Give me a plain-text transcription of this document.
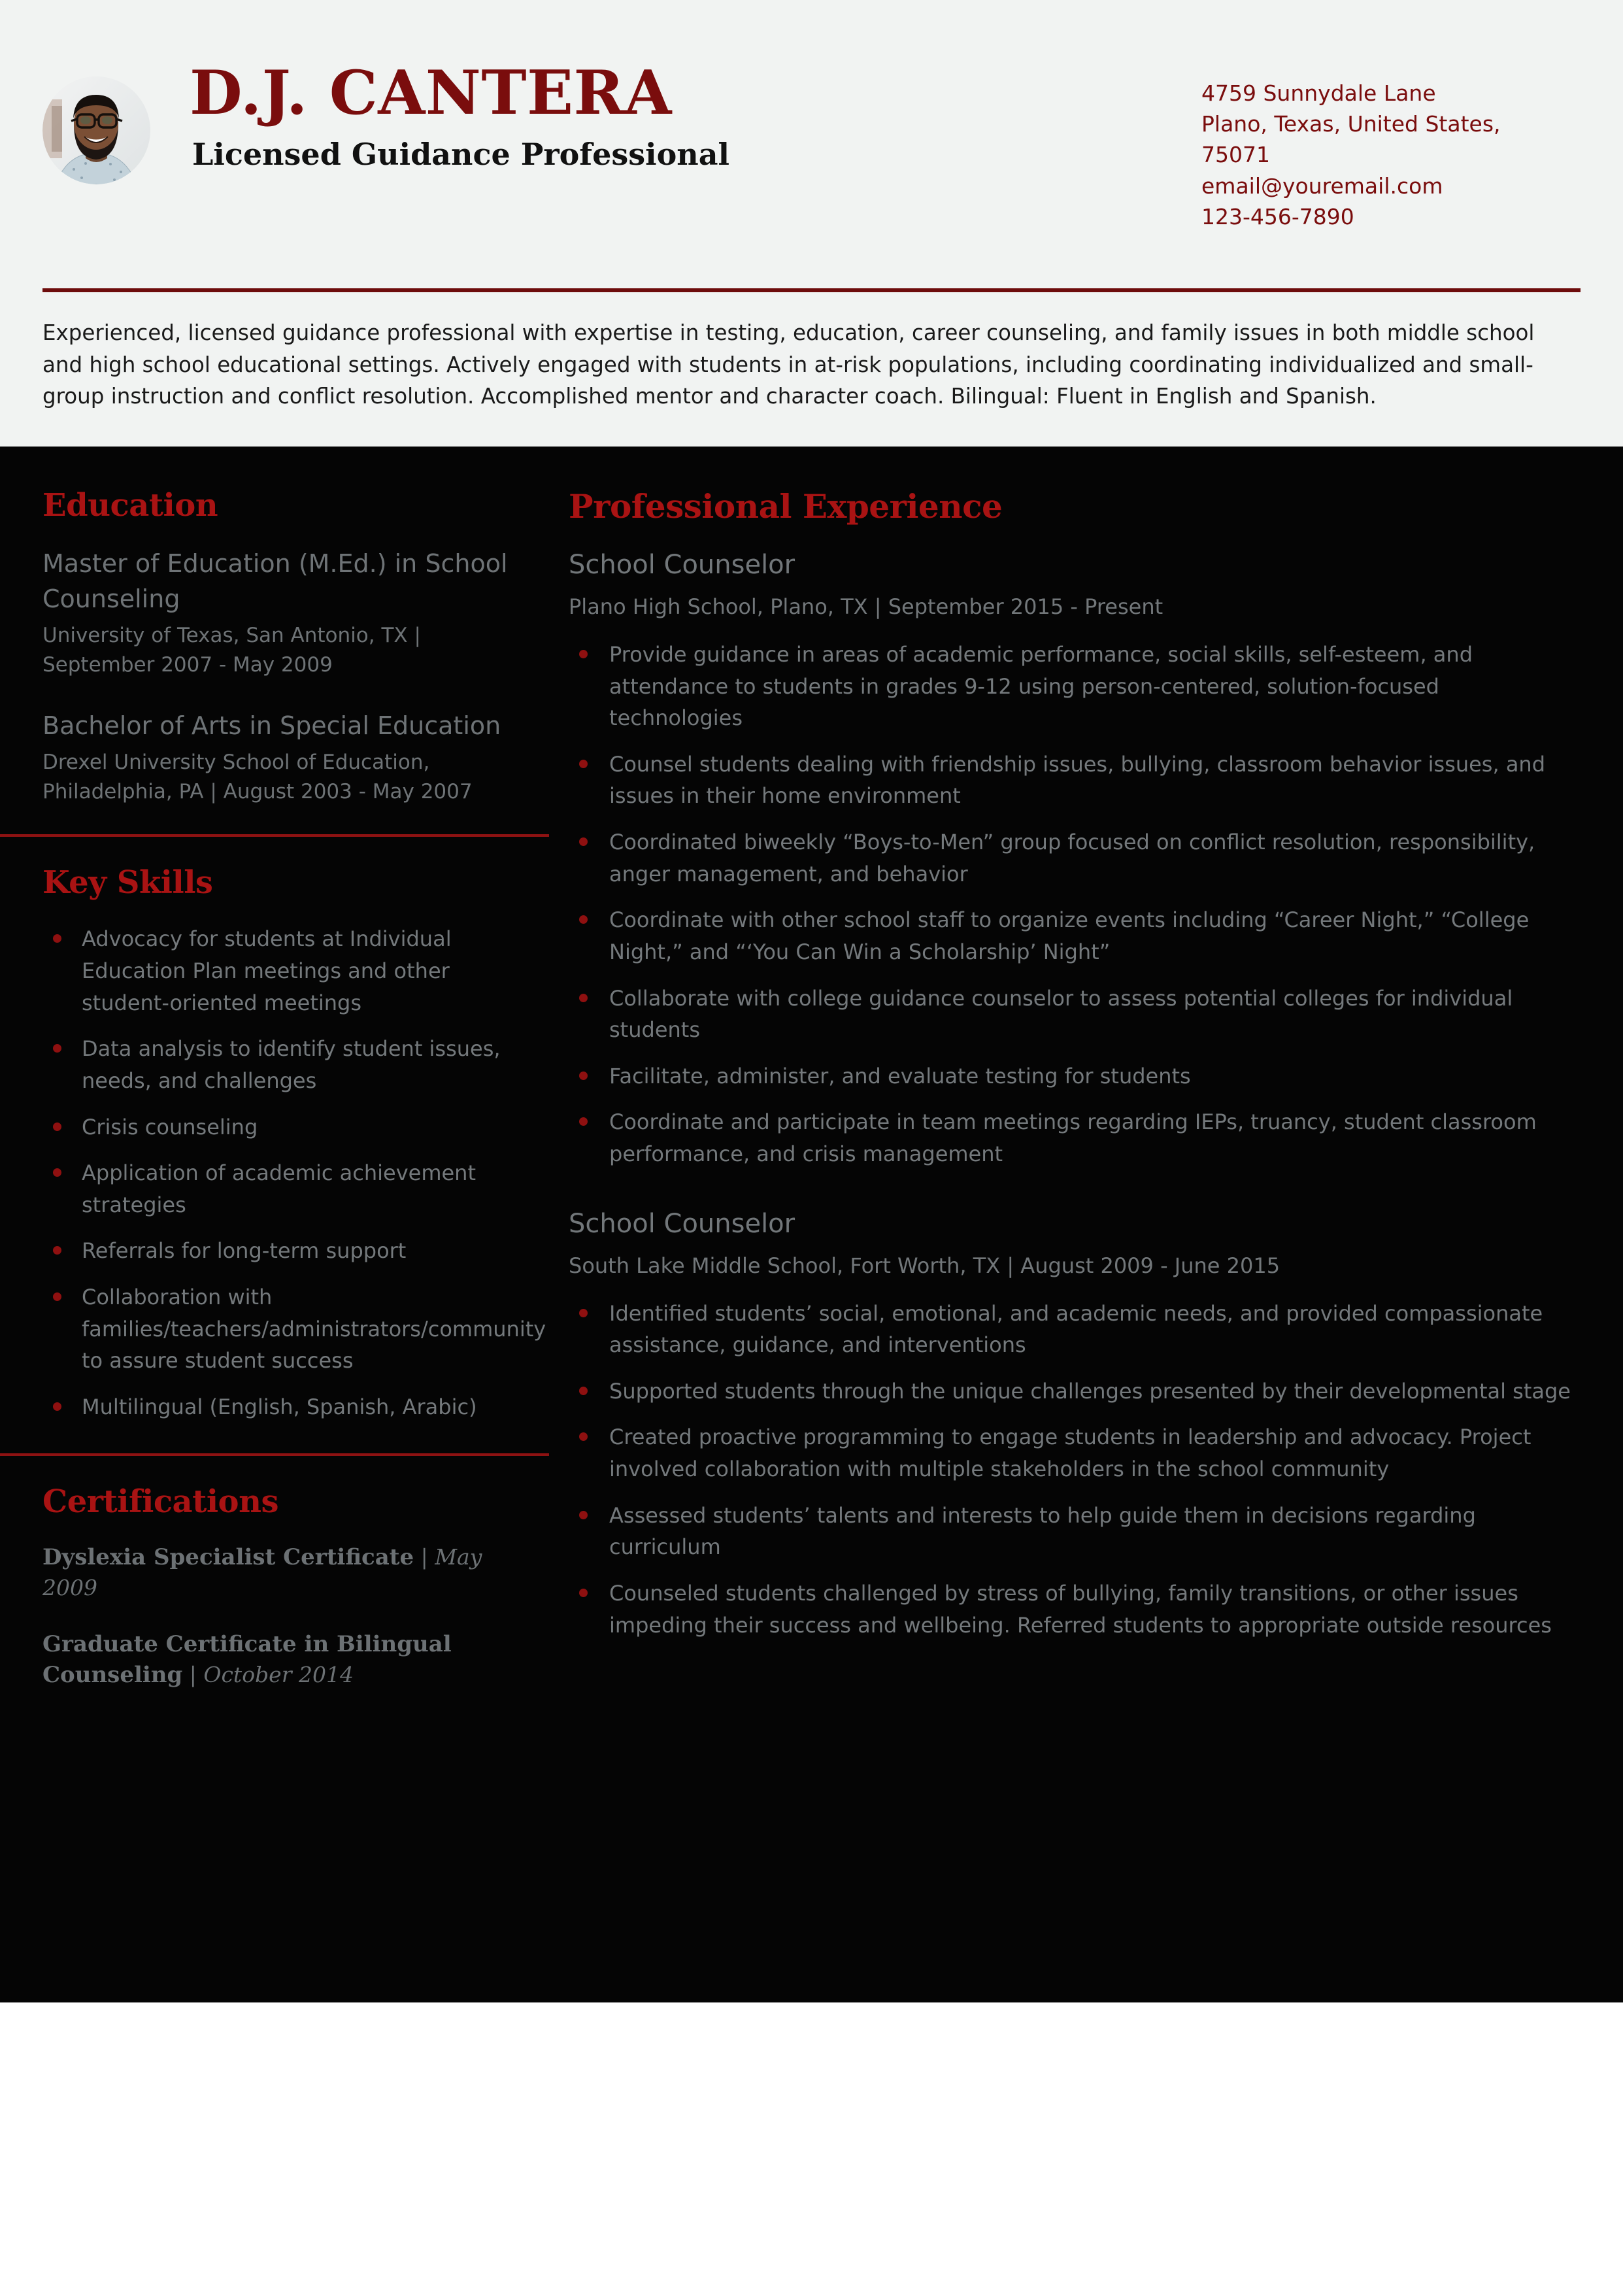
D.J. CANTERA
Licensed Guidance Professional
4759 Sunnydale Lane
Plano, Texas, United States,
75071
email@youremail.com
123-456-7890
Experienced, licensed guidance professional with expertise in testing, education, career counseling, and family issues in both middle school and high school educational settings. Actively engaged with students in at-risk populations, including coordinating individualized and small-group instruction and conflict resolution. Accomplished mentor and character coach. Bilingual: Fluent in English and Spanish.
Education
Master of Education (M.Ed.) in School Counseling
University of Texas, San Antonio, TX | September 2007 - May 2009
Bachelor of Arts in Special Education
Drexel University School of Education, Philadelphia, PA | August 2003 - May 2007
Key Skills
Advocacy for students at Individual Education Plan meetings and other student-oriented meetings
Data analysis to identify student issues, needs, and challenges
Crisis counseling
Application of academic achievement strategies
Referrals for long-term support
Collaboration with families/teachers/administrators/community to assure student success
Multilingual (English, Spanish, Arabic)
Certifications
Dyslexia Specialist Certificate | May 2009
Graduate Certificate in Bilingual Counseling | October 2014
Professional Experience
School Counselor
Plano High School, Plano, TX | September 2015 - Present
Provide guidance in areas of academic performance, social skills, self-esteem, and attendance to students in grades 9-12 using person-centered, solution-focused technologies
Counsel students dealing with friendship issues, bullying, classroom behavior issues, and issues in their home environment
Coordinated biweekly “Boys-to-Men” group focused on conflict resolution, responsibility, anger management, and behavior
Coordinate with other school staff to organize events including “Career Night,” “College Night,” and “‘You Can Win a Scholarship’ Night”
Collaborate with college guidance counselor to assess potential colleges for individual students
Facilitate, administer, and evaluate testing for students
Coordinate and participate in team meetings regarding IEPs, truancy, student classroom performance, and crisis management
School Counselor
South Lake Middle School, Fort Worth, TX | August 2009 - June 2015
Identified students’ social, emotional, and academic needs, and provided compassionate assistance, guidance, and interventions
Supported students through the unique challenges presented by their developmental stage
Created proactive programming to engage students in leadership and advocacy. Project involved collaboration with multiple stakeholders in the school community
Assessed students’ talents and interests to help guide them in decisions regarding curriculum
Counseled students challenged by stress of bullying, family transitions, or other issues impeding their success and wellbeing. Referred students to appropriate outside resources
